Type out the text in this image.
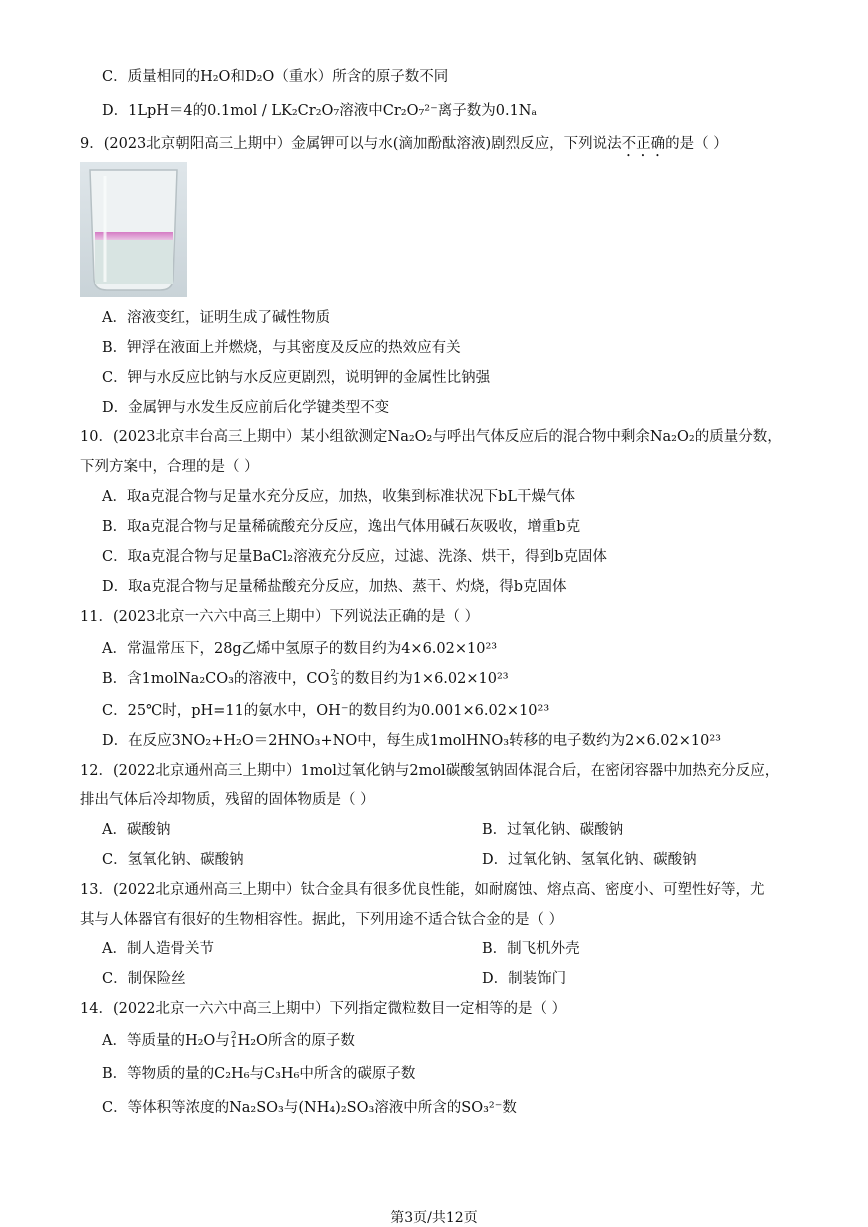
C．质量相同的H₂O和D₂O（重水）所含的原子数不同
D．1LpH＝4的0.1mol / LK₂Cr₂O₇溶液中Cr₂O₇²⁻离子数为0.1Nₐ
9．(2023北京朝阳高三上期中）金属钾可以与水(滴加酚酞溶液)剧烈反应，下列说法不正确的是（ ）
A．溶液变红，证明生成了碱性物质
B．钾浮在液面上并燃烧，与其密度及反应的热效应有关
C．钾与水反应比钠与水反应更剧烈，说明钾的金属性比钠强
D．金属钾与水发生反应前后化学键类型不变
10．(2023北京丰台高三上期中）某小组欲测定Na₂O₂与呼出气体反应后的混合物中剩余Na₂O₂的质量分数，
下列方案中，合理的是（ ）
A．取a克混合物与足量水充分反应，加热，收集到标准状况下bL干燥气体
B．取a克混合物与足量稀硫酸充分反应，逸出气体用碱石灰吸收，增重b克
C．取a克混合物与足量BaCl₂溶液充分反应，过滤、洗涤、烘干，得到b克固体
D．取a克混合物与足量稀盐酸充分反应，加热、蒸干、灼烧，得b克固体
11．(2023北京一六六中高三上期中）下列说法正确的是（ ）
A．常温常压下，28g乙烯中氢原子的数目约为4×6.02×10²³
B．含1molNa₂CO₃的溶液中，CO2-
3 的数目约为1×6.02×10²³
C．25℃时，pH=11的氨水中，OH⁻的数目约为0.001×6.02×10²³
D．在反应3NO₂+H₂O＝2HNO₃+NO中，每生成1molHNO₃转移的电子数约为2×6.02×10²³
12．(2022北京通州高三上期中）1mol过氧化钠与2mol碳酸氢钠固体混合后，在密闭容器中加热充分反应，
排出气体后冷却物质，残留的固体物质是（ ）
A．碳酸钠	B．过氧化钠、碳酸钠
C．氢氧化钠、碳酸钠	D．过氧化钠、氢氧化钠、碳酸钠
13．(2022北京通州高三上期中）钛合金具有很多优良性能，如耐腐蚀、熔点高、密度小、可塑性好等，尤
其与人体器官有很好的生物相容性。据此，下列用途不适合钛合金的是（ ）
A．制人造骨关节	B．制飞机外壳
C．制保险丝	D．制装饰门
14．(2022北京一六六中高三上期中）下列指定微粒数目一定相等的是（ ）
A．等质量的H₂O与2
1H₂O所含的原子数
B．等物质的量的C₂H₆与C₃H₆中所含的碳原子数
C．等体积等浓度的Na₂SO₃与(NH₄)₂SO₃溶液中所含的SO₃²⁻数
第3页/共12页
